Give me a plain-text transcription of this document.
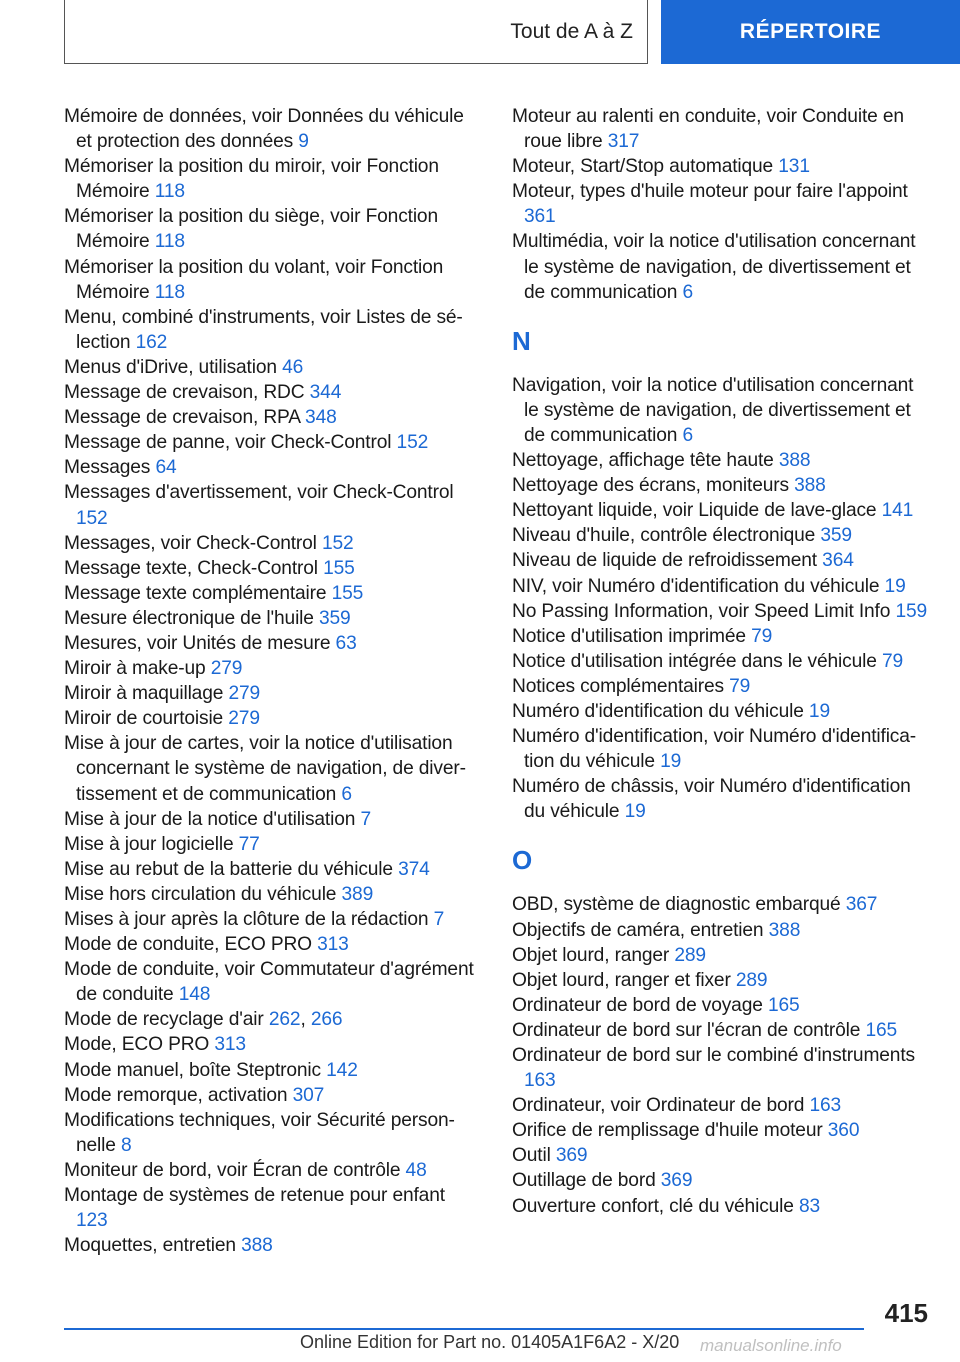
Tout de A à Z	RÉPERTOIRE
Mémoire de données, voir Données du véhicule et protection des données 9
Mémoriser la position du miroir, voir Fonction Mémoire 118
Mémoriser la position du siège, voir Fonction Mémoire 118
Mémoriser la position du volant, voir Fonction Mémoire 118
Menu, combiné d'instruments, voir Listes de sélection 162
Menus d'iDrive, utilisation 46
Message de crevaison, RDC 344
Message de crevaison, RPA 348
Message de panne, voir Check-Control 152
Messages 64
Messages d'avertissement, voir Check-Control 152
Messages, voir Check-Control 152
Message texte, Check-Control 155
Message texte complémentaire 155
Mesure électronique de l'huile 359
Mesures, voir Unités de mesure 63
Miroir à make-up 279
Miroir à maquillage 279
Miroir de courtoisie 279
Mise à jour de cartes, voir la notice d'utilisation concernant le système de navigation, de divertissement et de communication 6
Mise à jour de la notice d'utilisation 7
Mise à jour logicielle 77
Mise au rebut de la batterie du véhicule 374
Mise hors circulation du véhicule 389
Mises à jour après la clôture de la rédaction 7
Mode de conduite, ECO PRO 313
Mode de conduite, voir Commutateur d'agrément de conduite 148
Mode de recyclage d'air 262, 266
Mode, ECO PRO 313
Mode manuel, boîte Steptronic 142
Mode remorque, activation 307
Modifications techniques, voir Sécurité personnelle 8
Moniteur de bord, voir Écran de contrôle 48
Montage de systèmes de retenue pour enfant 123
Moquettes, entretien 388
Moteur au ralenti en conduite, voir Conduite en roue libre 317
Moteur, Start/Stop automatique 131
Moteur, types d'huile moteur pour faire l'appoint 361
Multimédia, voir la notice d'utilisation concernant le système de navigation, de divertissement et de communication 6
N
Navigation, voir la notice d'utilisation concernant le système de navigation, de divertissement et de communication 6
Nettoyage, affichage tête haute 388
Nettoyage des écrans, moniteurs 388
Nettoyant liquide, voir Liquide de lave-glace 141
Niveau d'huile, contrôle électronique 359
Niveau de liquide de refroidissement 364
NIV, voir Numéro d'identification du véhicule 19
No Passing Information, voir Speed Limit Info 159
Notice d'utilisation imprimée 79
Notice d'utilisation intégrée dans le véhicule 79
Notices complémentaires 79
Numéro d'identification du véhicule 19
Numéro d'identification, voir Numéro d'identification du véhicule 19
Numéro de châssis, voir Numéro d'identification du véhicule 19
O
OBD, système de diagnostic embarqué 367
Objectifs de caméra, entretien 388
Objet lourd, ranger 289
Objet lourd, ranger et fixer 289
Ordinateur de bord de voyage 165
Ordinateur de bord sur l'écran de contrôle 165
Ordinateur de bord sur le combiné d'instruments 163
Ordinateur, voir Ordinateur de bord 163
Orifice de remplissage d'huile moteur 360
Outil 369
Outillage de bord 369
Ouverture confort, clé du véhicule 83
415
Online Edition for Part no. 01405A1F6A2 - X/20 manualsonline.info
